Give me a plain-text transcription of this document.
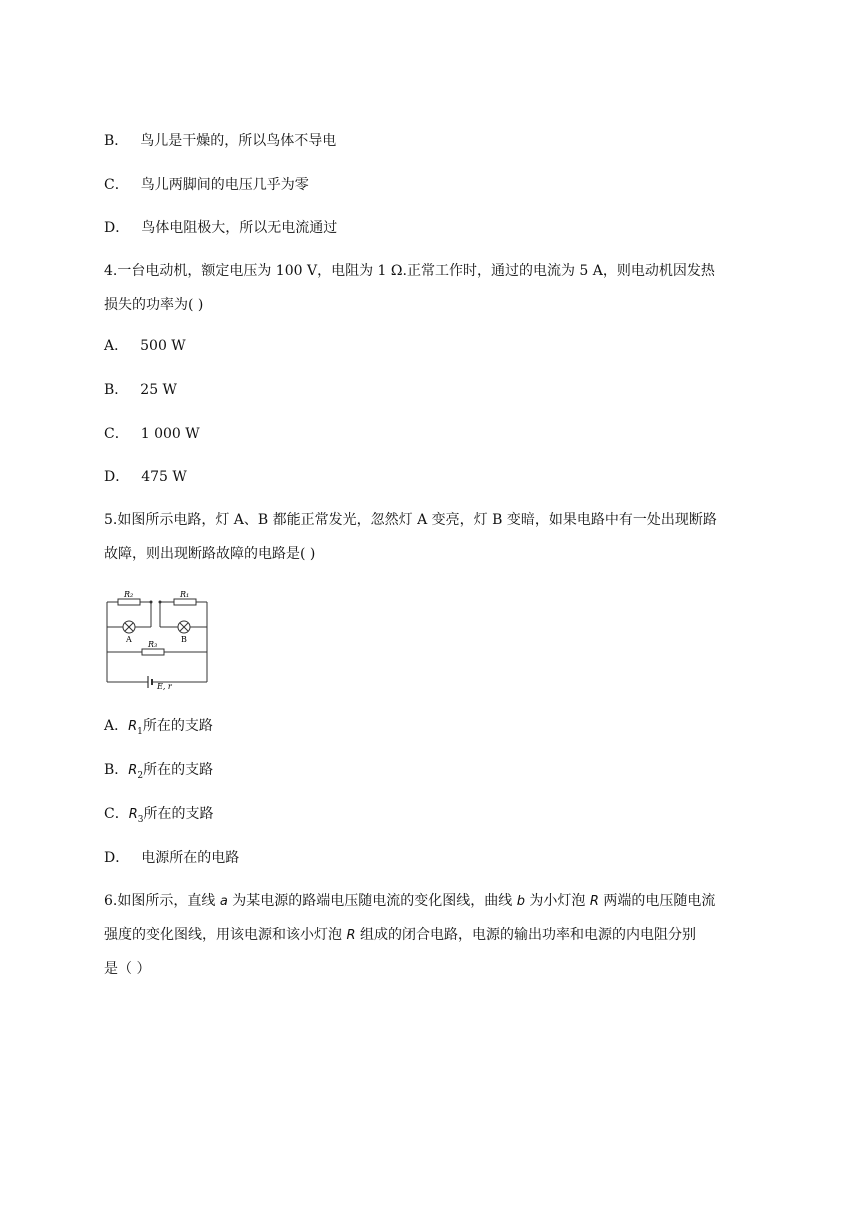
B． 鸟儿是干燥的，所以鸟体不导电
C． 鸟儿两脚间的电压几乎为零
D． 鸟体电阻极大，所以无电流通过
4.一台电动机，额定电压为 100 V，电阻为 1 Ω.正常工作时，通过的电流为 5 A，则电动机因发热
损失的功率为( )
A． 500 W
B． 25 W
C． 1 000 W
D． 475 W
5.如图所示电路，灯 A、B 都能正常发光，忽然灯 A 变亮，灯 B 变暗，如果电路中有一处出现断路
故障，则出现断路故障的电路是( )
R₂	R₁
A	B
R₃
E, r
A．$R_1$所在的支路
B．$R_2$所在的支路
C．$R_3$所在的支路
D． 电源所在的电路
6.如图所示，直线 a 为某电源的路端电压随电流的变化图线，曲线 b 为小灯泡 R 两端的电压随电流
强度的变化图线，用该电源和该小灯泡 R 组成的闭合电路，电源的输出功率和电源的内电阻分别
是（ ）
